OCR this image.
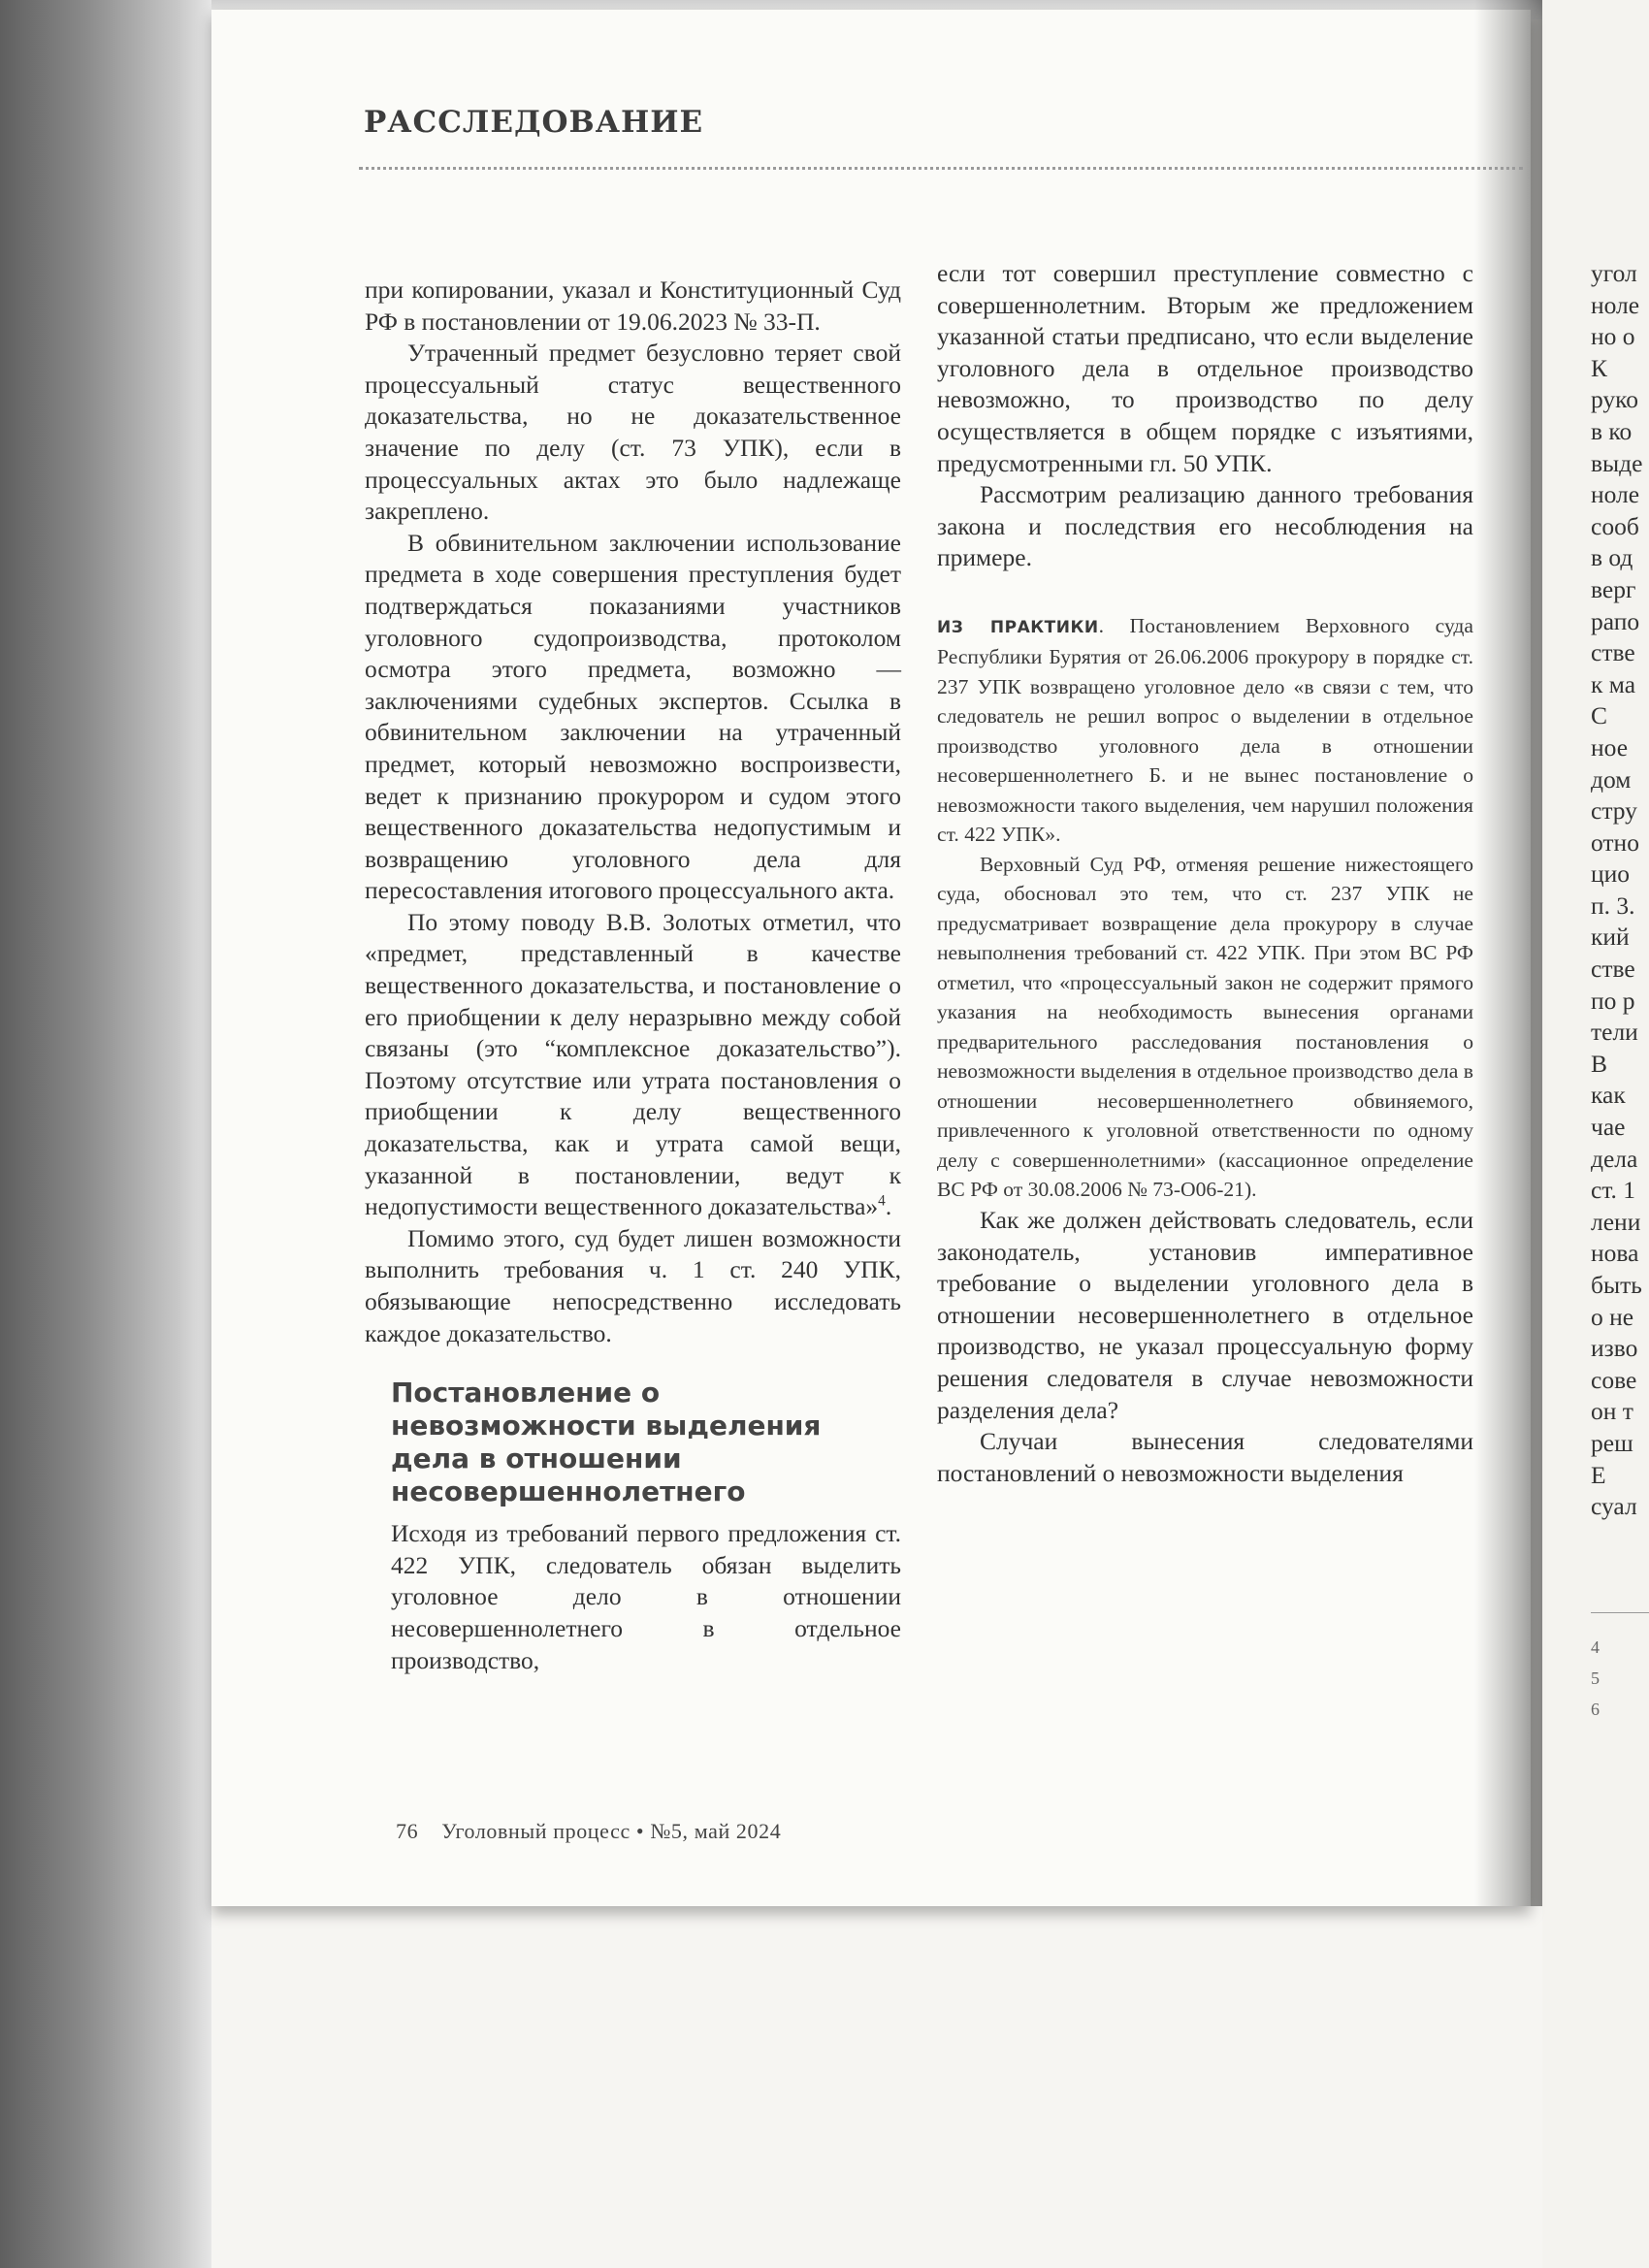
угол
ноле
но о
К
руко
в ко
выде
ноле
сооб
в од
верг
рапо
стве
к ма
С
ное
дом
стру
отно
цио
п. 3.
кий
стве
по р
тели
В
как
чае
дела
ст. 1
лени
нова
быть
о не
изво
сове
он т
реш
Е
суал
4
5
6
РАССЛЕДОВАНИЕ

при копировании, указал и Конституционный Суд РФ в постановлении от 19.06.2023 № 33-П.

Утраченный предмет безусловно теряет свой процессуальный статус вещественного доказательства, но не доказательственное значение по делу (ст. 73 УПК), если в процессуальных актах это было надлежаще закреплено.

В обвинительном заключении использование предмета в ходе совершения преступления будет подтверждаться показаниями участников уголовного судопроизводства, протоколом осмотра этого предмета, возможно — заключениями судебных экспертов. Ссылка в обвинительном заключении на утраченный предмет, который невозможно воспроизвести, ведет к признанию прокурором и судом этого вещественного доказательства недопустимым и возвращению уголовного дела для пересоставления итогового процессуального акта.

По этому поводу В.В. Золотых отметил, что «предмет, представленный в качестве вещественного доказательства, и постановление о его приобщении к делу неразрывно между собой связаны (это “комплексное доказательство”). Поэтому отсутствие или утрата постановления о приобщении к делу вещественного доказательства, как и утрата самой вещи, указанной в постановлении, ведут к недопустимости вещественного доказательства»$^4$.

Помимо этого, суд будет лишен возможности выполнить требования ч. 1 ст. 240 УПК, обязывающие непосредственно исследовать каждое доказательство.

Постановление о невозможности выделения дела в отношении несовершеннолетнего

Исходя из требований первого предложения ст. 422 УПК, следователь обязан выделить уголовное дело в отношении несовершеннолетнего в отдельное производство,

если тот совершил преступление совместно с совершеннолетним. Вторым же предложением указанной статьи предписано, что если выделение уголовного дела в отдельное производство невозможно, то производство по делу осуществляется в общем порядке с изъятиями, предусмотренными гл. 50 УПК.

Рассмотрим реализацию данного требования закона и последствия его несоблюдения на примере.

ИЗ ПРАКТИКИ. Постановлением Верховного суда Республики Бурятия от 26.06.2006 прокурору в порядке ст. 237 УПК возвращено уголовное дело «в связи с тем, что следователь не решил вопрос о выделении в отдельное производство уголовного дела в отношении несовершеннолетнего Б. и не вынес постановление о невозможности такого выделения, чем нарушил положения ст. 422 УПК».

Верховный Суд РФ, отменяя решение нижестоящего суда, обосновал это тем, что ст. 237 УПК не предусматривает возвращение дела прокурору в случае невыполнения требований ст. 422 УПК. При этом ВС РФ отметил, что «процессуальный закон не содержит прямого указания на необходимость вынесения органами предварительного расследования постановления о невозможности выделения в отдельное производство дела в отношении несовершеннолетнего обвиняемого, привлеченного к уголовной ответственности по одному делу с совершеннолетними» (кассационное определение ВС РФ от 30.08.2006 № 73-О06-21).

Как же должен действовать следователь, если законодатель, установив императивное требование о выделении уголовного дела в отношении несовершеннолетнего в отдельное производство, не указал процессуальную форму решения следователя в случае невозможности разделения дела?

Случаи вынесения следователями постановлений о невозможности выделения

76 Уголовный процесс • №5, май 2024
